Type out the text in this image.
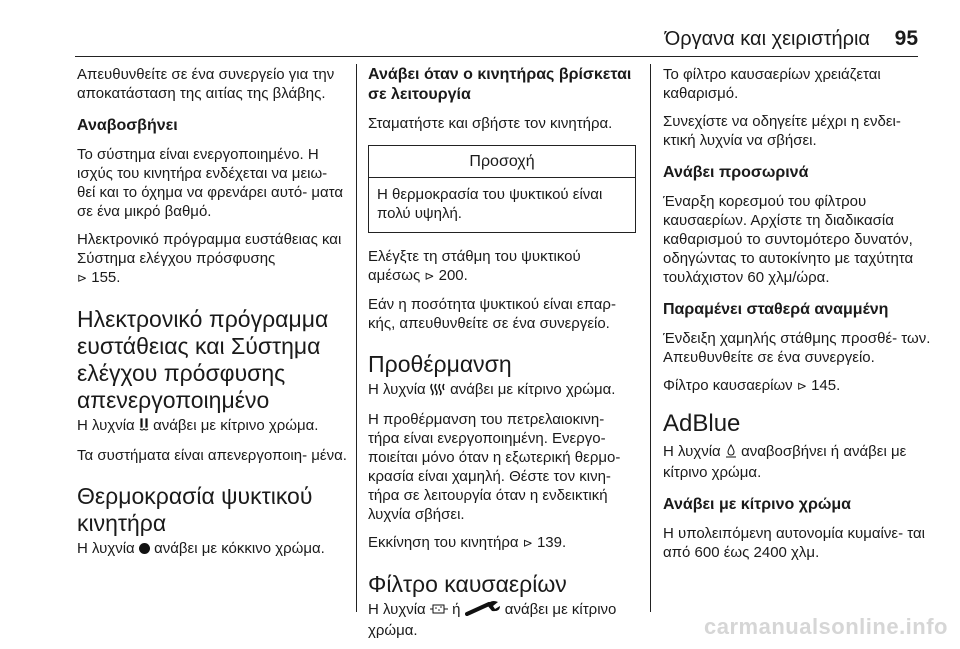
Όργανα και χειριστήρια 95

Απευθυνθείτε σε ένα συνεργείο για την αποκατάσταση της αιτίας της βλάβης.

Αναβοσβήνει

Το σύστημα είναι ενεργοποιημένο. Η ισχύς του κινητήρα ενδέχεται να μειω‐ θεί και το όχημα να φρενάρει αυτό‐ ματα σε ένα μικρό βαθμό.

Ηλεκτρονικό πρόγραμμα ευστάθειας και Σύστημα ελέγχου πρόσφυσης
⊳ 155.

Ηλεκτρονικό πρόγραμμα ευστάθειας και Σύστημα ελέγχου πρόσφυσης απενεργοποιημένο

Η λυχνία ανάβει με κίτρινο χρώμα.

Τα συστήματα είναι απενεργοποιη‐ μένα.

Θερμοκρασία ψυκτικού κινητήρα

Η λυχνία ανάβει με κόκκινο χρώμα.

Ανάβει όταν ο κινητήρας βρίσκεται σε λειτουργία

Σταματήστε και σβήστε τον κινητήρα.

Προσοχή
Η θερμοκρασία του ψυκτικού είναι πολύ υψηλή.

Ελέγξτε τη στάθμη του ψυκτικού αμέσως ⊳ 200.

Εάν η ποσότητα ψυκτικού είναι επαρ‐ κής, απευθυνθείτε σε ένα συνεργείο.

Προθέρμανση

Η λυχνία ανάβει με κίτρινο χρώμα.

Η προθέρμανση του πετρελαιοκινη‐ τήρα είναι ενεργοποιημένη. Ενεργο‐ ποιείται μόνο όταν η εξωτερική θερμο‐ κρασία είναι χαμηλή. Θέστε τον κινη‐ τήρα σε λειτουργία όταν η ενδεικτική λυχνία σβήσει.

Εκκίνηση του κινητήρα ⊳ 139.

Φίλτρο καυσαερίων

Η λυχνία ή	ανάβει με κίτρινο χρώμα.

Το φίλτρο καυσαερίων χρειάζεται καθαρισμό.

Συνεχίστε να οδηγείτε μέχρι η ενδει‐ κτική λυχνία να σβήσει.

Ανάβει προσωρινά

Έναρξη κορεσμού του φίλτρου καυσαερίων. Αρχίστε τη διαδικασία καθαρισμού το συντομότερο δυνατόν, οδηγώντας το αυτοκίνητο με ταχύτητα τουλάχιστον 60 χλμ/ώρα.

Παραμένει σταθερά αναμμένη

Ένδειξη χαμηλής στάθμης προσθέ‐ των. Απευθυνθείτε σε ένα συνεργείο.

Φίλτρο καυσαερίων ⊳ 145.

AdBlue

Η λυχνία αναβοσβήνει ή ανάβει με κίτρινο χρώμα.

Ανάβει με κίτρινο χρώμα

Η υπολειπόμενη αυτονομία κυμαίνε‐ ται από 600 έως 2400 χλμ.

carmanualsonline.info
